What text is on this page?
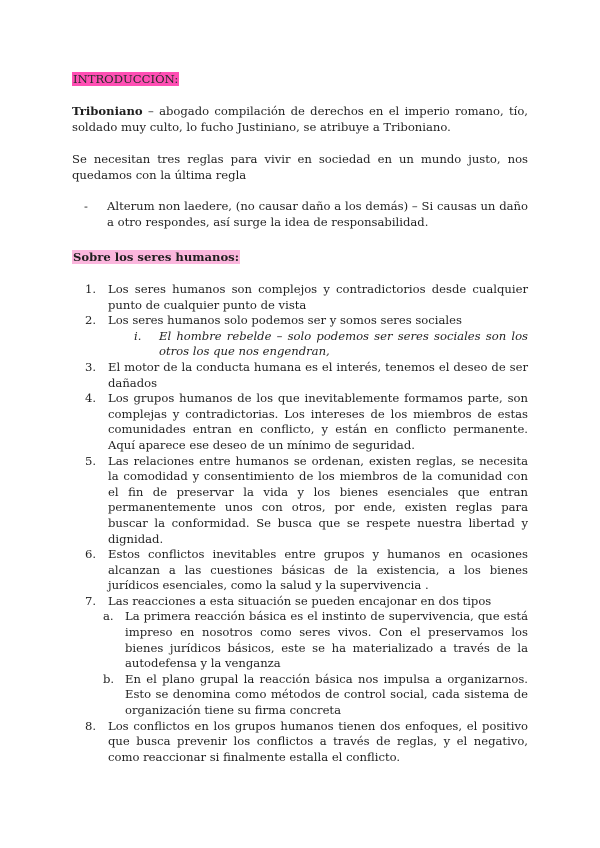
INTRODUCCIÓN:

Triboniano – abogado compilación de derechos en el imperio romano, tío, soldado muy culto, lo fucho Justiniano, se atribuye a Triboniano.

Se necesitan tres reglas para vivir en sociedad en un mundo justo, nos quedamos con la última regla

- Alterum non laedere, (no causar daño a los demás) – Si causas un daño a otro respondes, así surge la idea de responsabilidad.

Sobre los seres humanos:

1. Los seres humanos son complejos y contradictorios desde cualquier punto de cualquier punto de vista
2. Los seres humanos solo podemos ser y somos seres sociales
i. El hombre rebelde – solo podemos ser seres sociales son los otros los que nos engendran,
3. El motor de la conducta humana es el interés, tenemos el deseo de ser dañados
4. Los grupos humanos de los que inevitablemente formamos parte, son complejas y contradictorias. Los intereses de los miembros de estas comunidades entran en conflicto, y están en conflicto permanente. Aquí aparece ese deseo de un mínimo de seguridad.
5. Las relaciones entre humanos se ordenan, existen reglas, se necesita la comodidad y consentimiento de los miembros de la comunidad con el fin de preservar la vida y los bienes esenciales que entran permanentemente unos con otros, por ende, existen reglas para buscar la conformidad. Se busca que se respete nuestra libertad y dignidad.
6. Estos conflictos inevitables entre grupos y humanos en ocasiones alcanzan a las cuestiones básicas de la existencia, a los bienes jurídicos esenciales, como la salud y la supervivencia .
7. Las reacciones a esta situación se pueden encajonar en dos tipos
a. La primera reacción básica es el instinto de supervivencia, que está impreso en nosotros como seres vivos. Con el preservamos los bienes jurídicos básicos, este se ha materializado a través de la autodefensa y la venganza
b. En el plano grupal la reacción básica nos impulsa a organizarnos. Esto se denomina como métodos de control social, cada sistema de organización tiene su firma concreta
8. Los conflictos en los grupos humanos tienen dos enfoques, el positivo que busca prevenir los conflictos a través de reglas, y el negativo, como reaccionar si finalmente estalla el conflicto.
